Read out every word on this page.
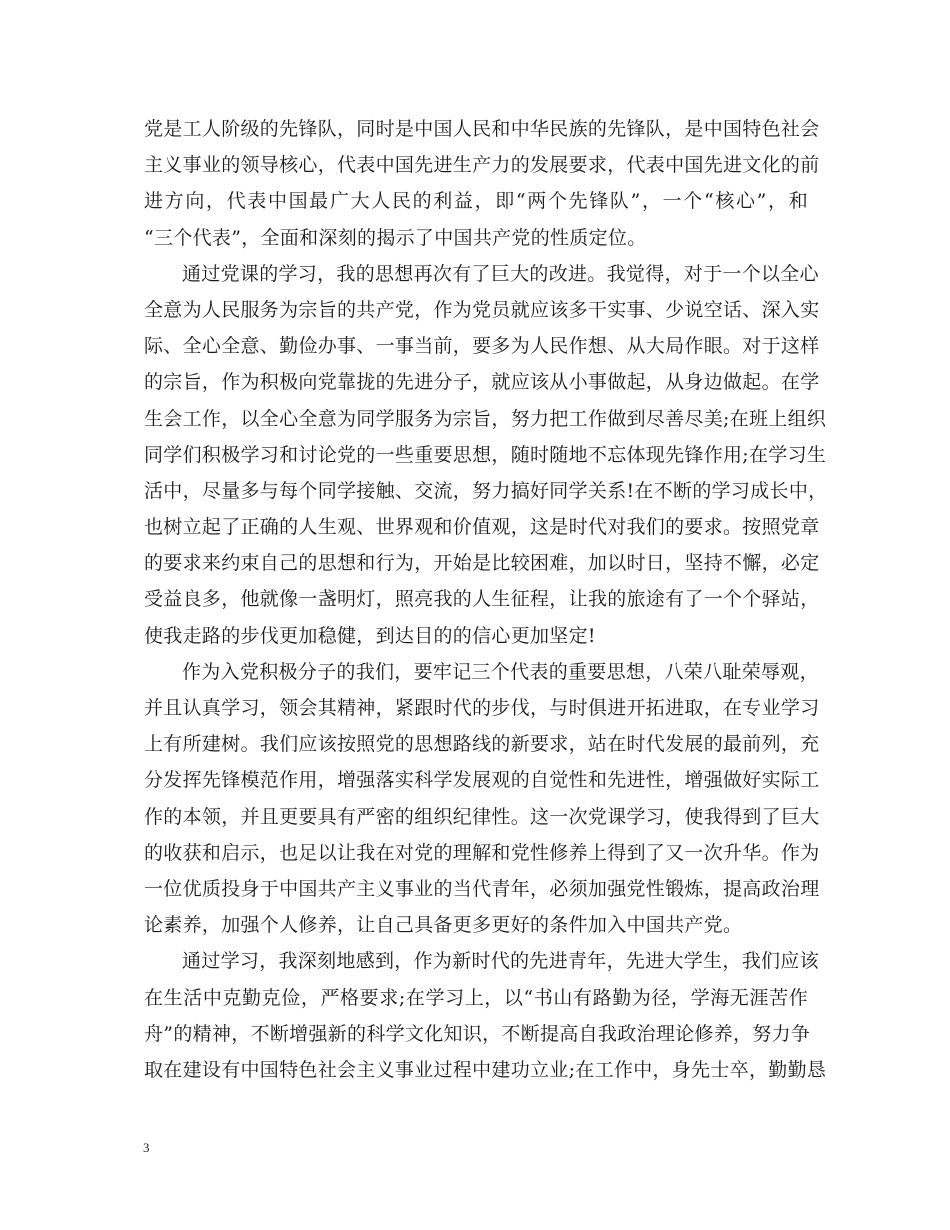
党是工人阶级的先锋队，同时是中国人民和中华民族的先锋队，是中国特色社会
主义事业的领导核心，代表中国先进生产力的发展要求，代表中国先进文化的前
进方向，代表中国最广大人民的利益，即“两个先锋队”，一个“核心”，和
“三个代表”，全面和深刻的揭示了中国共产党的性质定位。
通过党课的学习，我的思想再次有了巨大的改进。我觉得，对于一个以全心
全意为人民服务为宗旨的共产党，作为党员就应该多干实事、少说空话、深入实
际、全心全意、勤俭办事、一事当前，要多为人民作想、从大局作眼。对于这样
的宗旨，作为积极向党靠拢的先进分子，就应该从小事做起，从身边做起。在学
生会工作，以全心全意为同学服务为宗旨，努力把工作做到尽善尽美;在班上组织
同学们积极学习和讨论党的一些重要思想，随时随地不忘体现先锋作用;在学习生
活中，尽量多与每个同学接触、交流，努力搞好同学关系!在不断的学习成长中，
也树立起了正确的人生观、世界观和价值观，这是时代对我们的要求。按照党章
的要求来约束自己的思想和行为，开始是比较困难，加以时日，坚持不懈，必定
受益良多，他就像一盏明灯，照亮我的人生征程，让我的旅途有了一个个驿站，
使我走路的步伐更加稳健，到达目的的信心更加坚定!
作为入党积极分子的我们，要牢记三个代表的重要思想，八荣八耻荣辱观，
并且认真学习，领会其精神，紧跟时代的步伐，与时俱进开拓进取，在专业学习
上有所建树。我们应该按照党的思想路线的新要求，站在时代发展的最前列，充
分发挥先锋模范作用，增强落实科学发展观的自觉性和先进性，增强做好实际工
作的本领，并且更要具有严密的组织纪律性。这一次党课学习，使我得到了巨大
的收获和启示，也足以让我在对党的理解和党性修养上得到了又一次升华。作为
一位优质投身于中国共产主义事业的当代青年，必须加强党性锻炼，提高政治理
论素养，加强个人修养，让自己具备更多更好的条件加入中国共产党。
通过学习，我深刻地感到，作为新时代的先进青年，先进大学生，我们应该
在生活中克勤克俭，严格要求;在学习上，以“书山有路勤为径，学海无涯苦作
舟”的精神，不断增强新的科学文化知识，不断提高自我政治理论修养，努力争
取在建设有中国特色社会主义事业过程中建功立业;在工作中，身先士卒，勤勤恳
3
